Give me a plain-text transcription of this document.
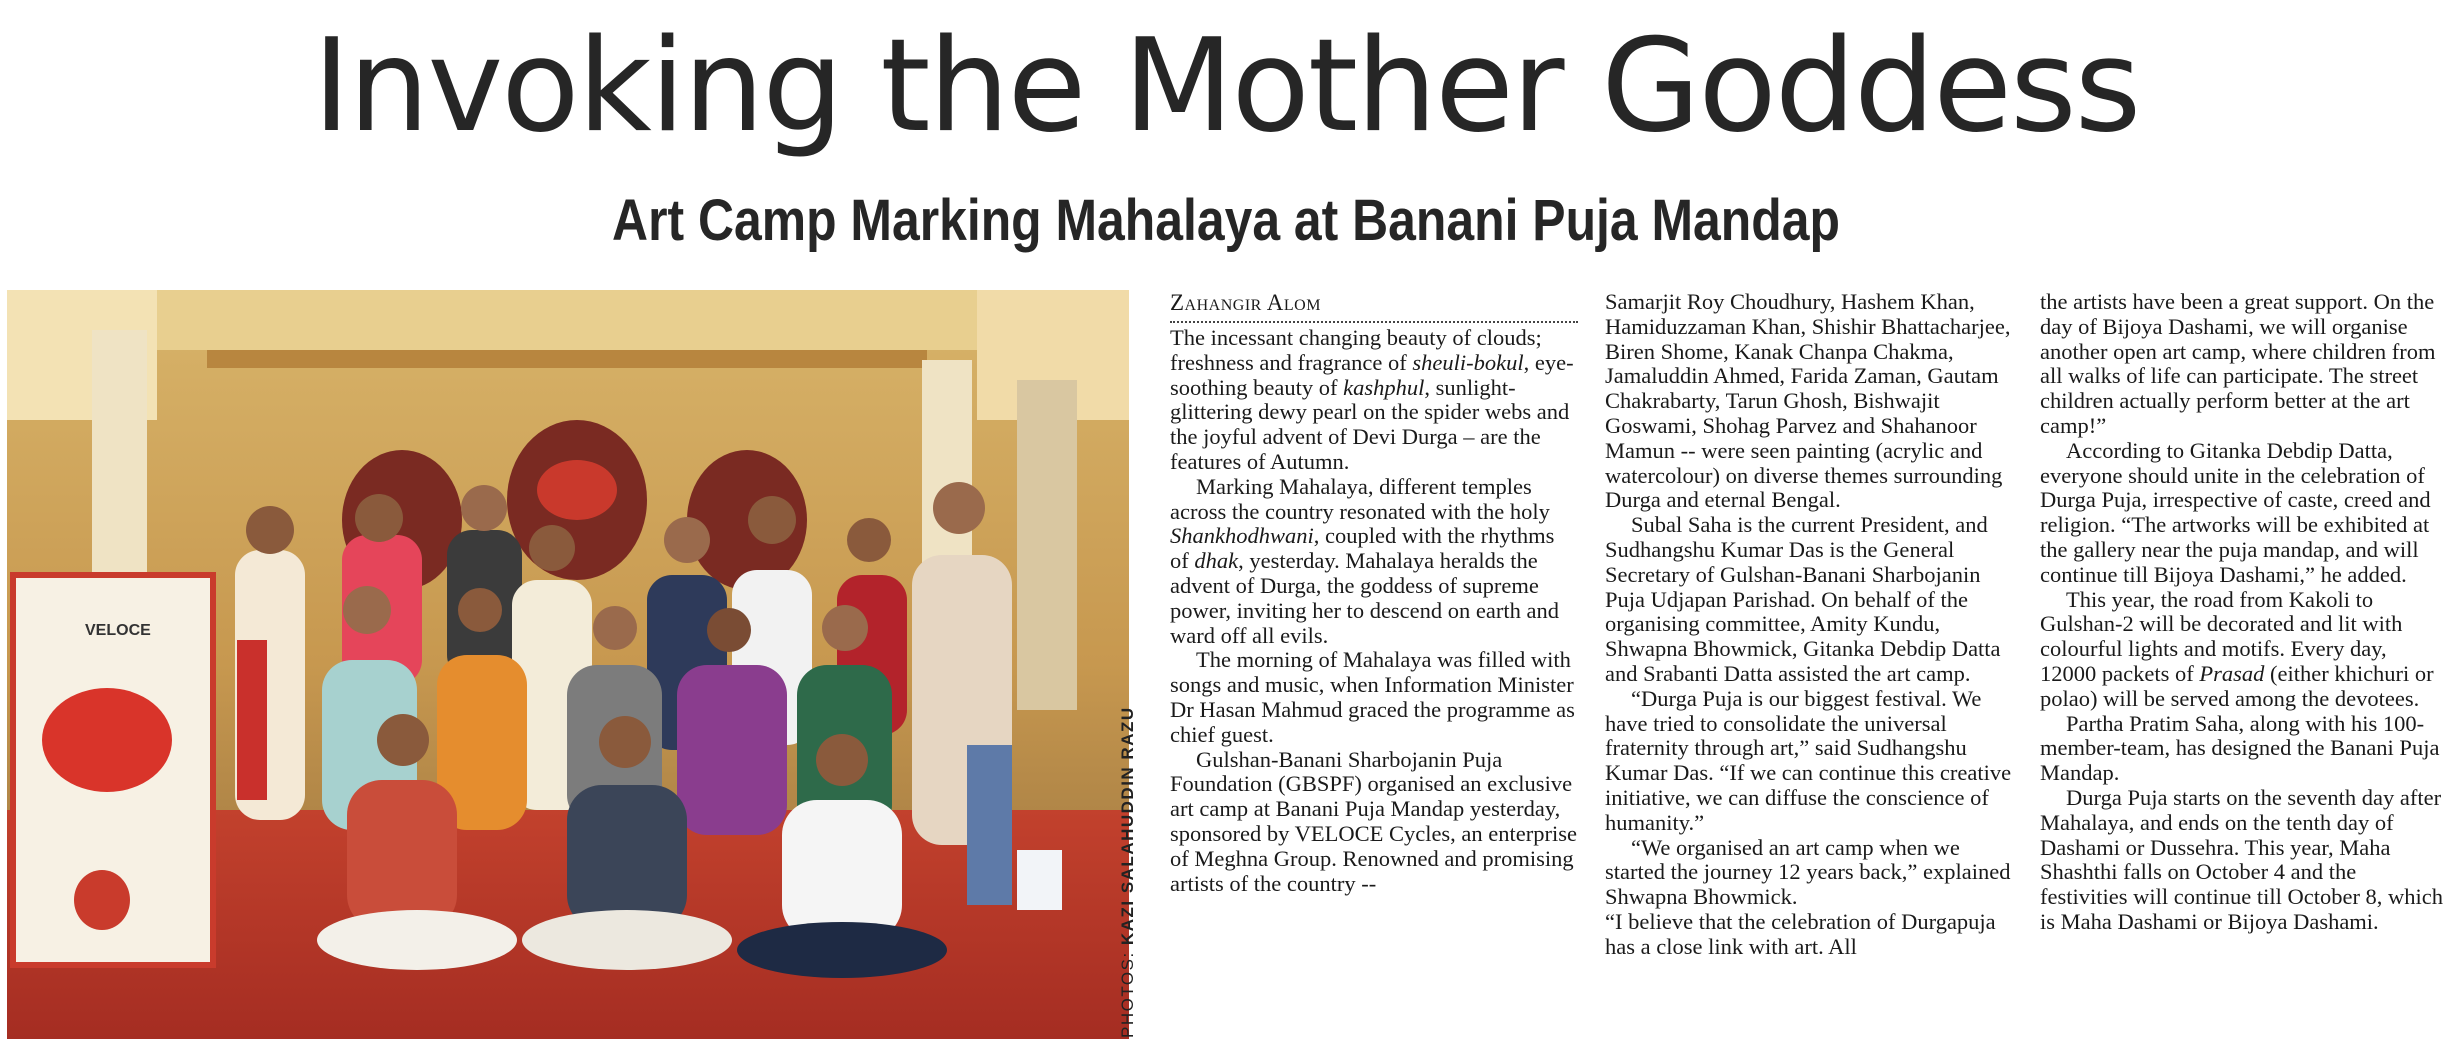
Invoking the Mother Goddess
Art Camp Marking Mahalaya at Banani Puja Mandap
VELOCE
PHOTOS: KAZI SALAHUDDIN RAZU
Zahangir Alom

The incessant changing beauty of clouds; freshness and fragrance of sheuli-bokul, eye-soothing beauty of kashphul, sunlight-glittering dewy pearl on the spider webs and the joyful advent of Devi Durga – are the features of Autumn.

Marking Mahalaya, different temples across the country resonated with the holy Shankhodhwani, coupled with the rhythms of dhak, yesterday. Mahalaya heralds the advent of Durga, the goddess of supreme power, inviting her to descend on earth and ward off all evils.

The morning of Mahalaya was filled with songs and music, when Information Minister Dr Hasan Mahmud graced the programme as chief guest.

Gulshan-Banani Sharbojanin Puja Foundation (GBSPF) organised an exclusive art camp at Banani Puja Mandap yesterday, sponsored by VELOCE Cycles, an enterprise of Meghna Group. Renowned and promising artists of the country --

Samarjit Roy Choudhury, Hashem Khan, Hamiduzzaman Khan, Shishir Bhattacharjee, Biren Shome, Kanak Chanpa Chakma, Jamaluddin Ahmed, Farida Zaman, Gautam Chakrabarty, Tarun Ghosh, Bishwajit Goswami, Shohag Parvez and Shahanoor Mamun -- were seen painting (acrylic and watercolour) on diverse themes surrounding Durga and eternal Bengal.

Subal Saha is the current President, and Sudhangshu Kumar Das is the General Secretary of Gulshan-Banani Sharbojanin Puja Udjapan Parishad. On behalf of the organising committee, Amity Kundu, Shwapna Bhowmick, Gitanka Debdip Datta and Srabanti Datta assisted the art camp.

“Durga Puja is our biggest festival. We have tried to consolidate the universal fraternity through art,” said Sudhangshu Kumar Das. “If we can continue this creative initiative, we can diffuse the conscience of humanity.”

“We organised an art camp when we started the journey 12 years back,” explained Shwapna Bhowmick.

“I believe that the celebration of Durgapuja has a close link with art. All

the artists have been a great support. On the day of Bijoya Dashami, we will organise another open art camp, where children from all walks of life can participate. The street children actually perform better at the art camp!”

According to Gitanka Debdip Datta, everyone should unite in the celebration of Durga Puja, irrespective of caste, creed and religion. “The artworks will be exhibited at the gallery near the puja mandap, and will continue till Bijoya Dashami,” he added.

This year, the road from Kakoli to Gulshan-2 will be decorated and lit with colourful lights and motifs. Every day, 12000 packets of Prasad (either khichuri or polao) will be served among the devotees.

Partha Pratim Saha, along with his 100-member-team, has designed the Banani Puja Mandap.

Durga Puja starts on the seventh day after Mahalaya, and ends on the tenth day of Dashami or Dussehra. This year, Maha Shashthi falls on October 4 and the festivities will continue till October 8, which is Maha Dashami or Bijoya Dashami.
